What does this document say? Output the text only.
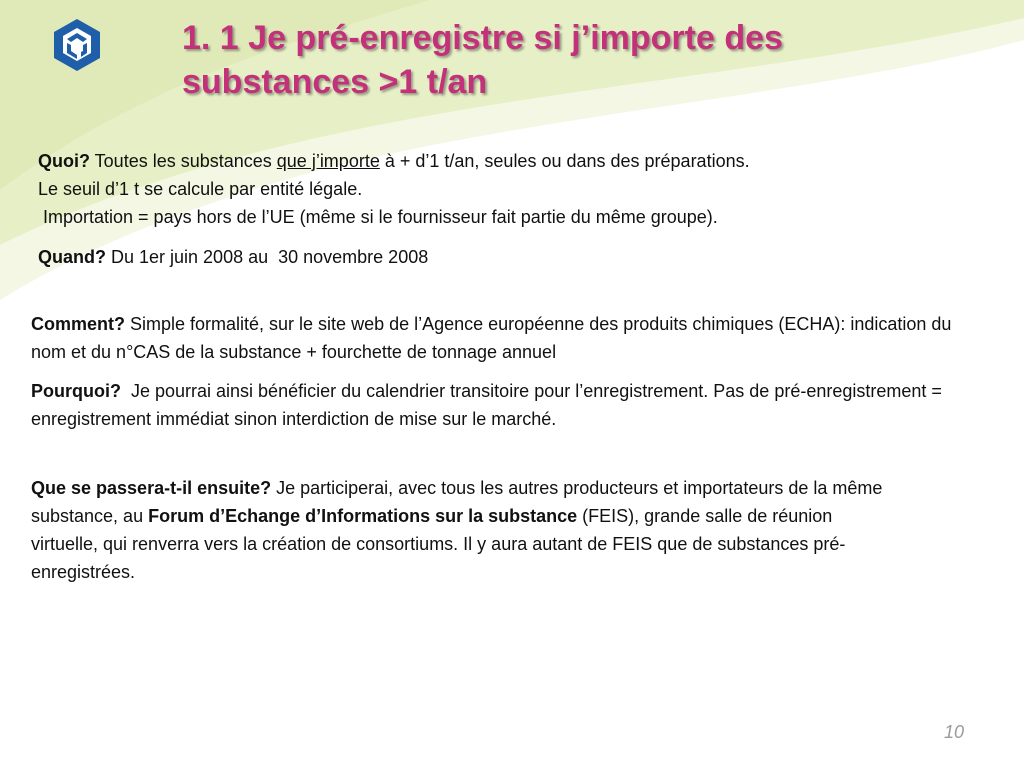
1. 1 Je pré-enregistre si j’importe des
substances >1 t/an
Quoi? Toutes les substances que j’importe à + d’1 t/an, seules ou dans des préparations.
Le seuil d’1 t se calcule par entité légale.
Importation = pays hors de l’UE (même si le fournisseur fait partie du même groupe).
Quand? Du 1er juin 2008 au  30 novembre 2008
Comment? Simple formalité, sur le site web de l’Agence européenne des produits chimiques (ECHA): indication du nom et du n°CAS de la substance + fourchette de tonnage annuel
Pourquoi?  Je pourrai ainsi bénéficier du calendrier transitoire pour l’enregistrement. Pas de pré-enregistrement = enregistrement immédiat sinon interdiction de mise sur le marché.
Que se passera-t-il ensuite? Je participerai, avec tous les autres producteurs et importateurs de la même substance, au Forum d’Echange d’Informations sur la substance (FEIS), grande salle de réunion virtuelle, qui renverra vers la création de consortiums. Il y aura autant de FEIS que de substances pré-enregistrées.
10
